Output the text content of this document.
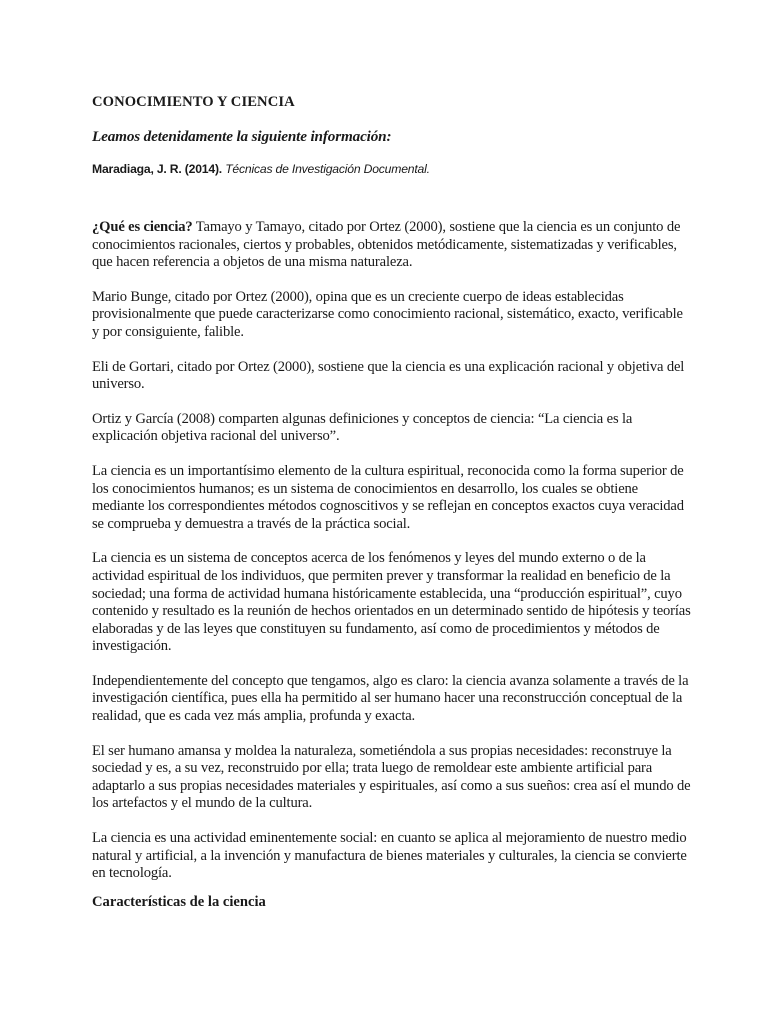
CONOCIMIENTO Y CIENCIA
Leamos detenidamente la siguiente información:
Maradiaga, J. R. (2014). Técnicas de Investigación Documental.

¿Qué es ciencia? Tamayo y Tamayo, citado por Ortez (2000), sostiene que la ciencia es un conjunto de conocimientos racionales, ciertos y probables, obtenidos metódicamente, sistematizadas y verificables, que hacen referencia a objetos de una misma naturaleza.

Mario Bunge, citado por Ortez (2000), opina que es un creciente cuerpo de ideas establecidas provisionalmente que puede caracterizarse como conocimiento racional, sistemático, exacto, verificable y por consiguiente, falible.

Eli de Gortari, citado por Ortez (2000), sostiene que la ciencia es una explicación racional y objetiva del universo.

Ortiz y García (2008) comparten algunas definiciones y conceptos de ciencia: “La ciencia es la explicación objetiva racional del universo”.

La ciencia es un importantísimo elemento de la cultura espiritual, reconocida como la forma superior de los conocimientos humanos; es un sistema de conocimientos en desarrollo, los cuales se obtiene mediante los correspondientes métodos cognoscitivos y se reflejan en conceptos exactos cuya veracidad se comprueba y demuestra a través de la práctica social.

La ciencia es un sistema de conceptos acerca de los fenómenos y leyes del mundo externo o de la actividad espiritual de los individuos, que permiten prever y transformar la realidad en beneficio de la sociedad; una forma de actividad humana históricamente establecida, una “producción espiritual”, cuyo contenido y resultado es la reunión de hechos orientados en un determinado sentido de hipótesis y teorías elaboradas y de las leyes que constituyen su fundamento, así como de procedimientos y métodos de investigación.

Independientemente del concepto que tengamos, algo es claro: la ciencia avanza solamente a través de la investigación científica, pues ella ha permitido al ser humano hacer una reconstrucción conceptual de la realidad, que es cada vez más amplia, profunda y exacta.

El ser humano amansa y moldea la naturaleza, sometiéndola a sus propias necesidades: reconstruye la sociedad y es, a su vez, reconstruido por ella; trata luego de remoldear este ambiente artificial para adaptarlo a sus propias necesidades materiales y espirituales, así como a sus sueños: crea así el mundo de los artefactos y el mundo de la cultura.

La ciencia es una actividad eminentemente social: en cuanto se aplica al mejoramiento de nuestro medio natural y artificial, a la invención y manufactura de bienes materiales y culturales, la ciencia se convierte en tecnología.

Características de la ciencia
